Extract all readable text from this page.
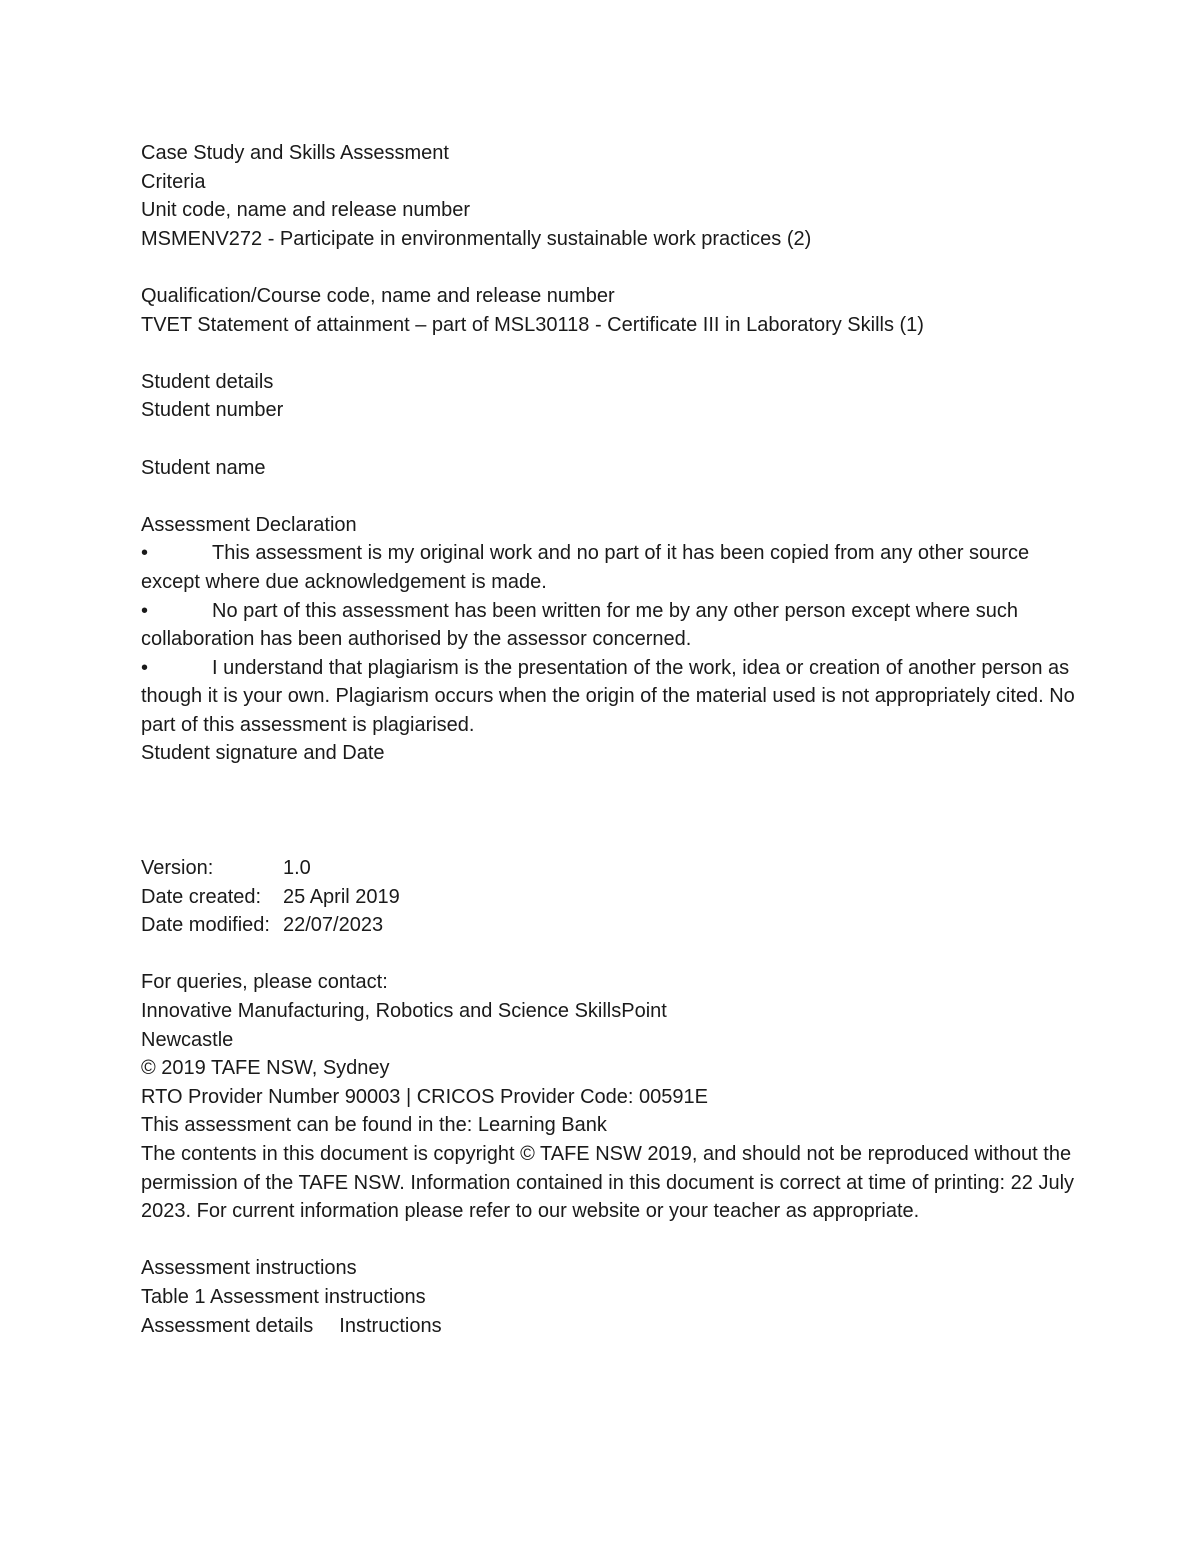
Case Study and Skills Assessment
Criteria
Unit code, name and release number
MSMENV272 - Participate in environmentally sustainable work practices (2)
Qualification/Course code, name and release number
TVET Statement of attainment – part of MSL30118 - Certificate III in Laboratory Skills (1)
Student details
Student number
Student name
Assessment Declaration
•	This assessment is my original work and no part of it has been copied from any other source except where due acknowledgement is made.
•	No part of this assessment has been written for me by any other person except where such collaboration has been authorised by the assessor concerned.
•	I understand that plagiarism is the presentation of the work, idea or creation of another person as though it is your own. Plagiarism occurs when the origin of the material used is not appropriately cited. No part of this assessment is plagiarised.
Student signature and Date
Version:	1.0
Date created: 25 April 2019
Date modified: 22/07/2023
For queries, please contact:
Innovative Manufacturing, Robotics and Science SkillsPoint
Newcastle
© 2019 TAFE NSW, Sydney
RTO Provider Number 90003 | CRICOS Provider Code: 00591E
This assessment can be found in the: Learning Bank
The contents in this document is copyright © TAFE NSW 2019, and should not be reproduced without the permission of the TAFE NSW. Information contained in this document is correct at time of printing: 22 July 2023. For current information please refer to our website or your teacher as appropriate.
Assessment instructions
Table 1 Assessment instructions
Assessment details Instructions
